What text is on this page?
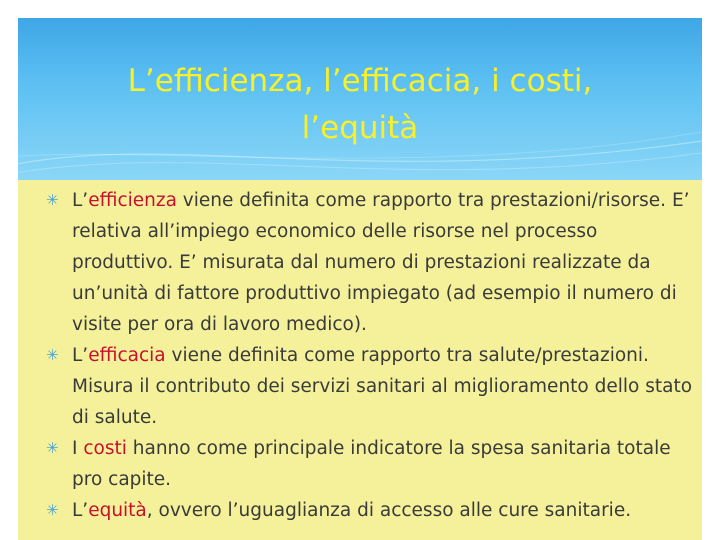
L’efficienza, l’efficacia, i costi,
l’equità
✳ L’efficienza viene definita come rapporto tra prestazioni/risorse. E’ relativa all’impiego economico delle risorse nel processo produttivo. E’ misurata dal numero di prestazioni realizzate da un’unità di fattore produttivo impiegato (ad esempio il numero di visite per ora di lavoro medico).
✳ L’efficacia viene definita come rapporto tra salute/prestazioni. Misura il contributo dei servizi sanitari al miglioramento dello stato di salute.
✳ I costi hanno come principale indicatore la spesa sanitaria totale pro capite.
✳ L’equità, ovvero l’uguaglianza di accesso alle cure sanitarie.
